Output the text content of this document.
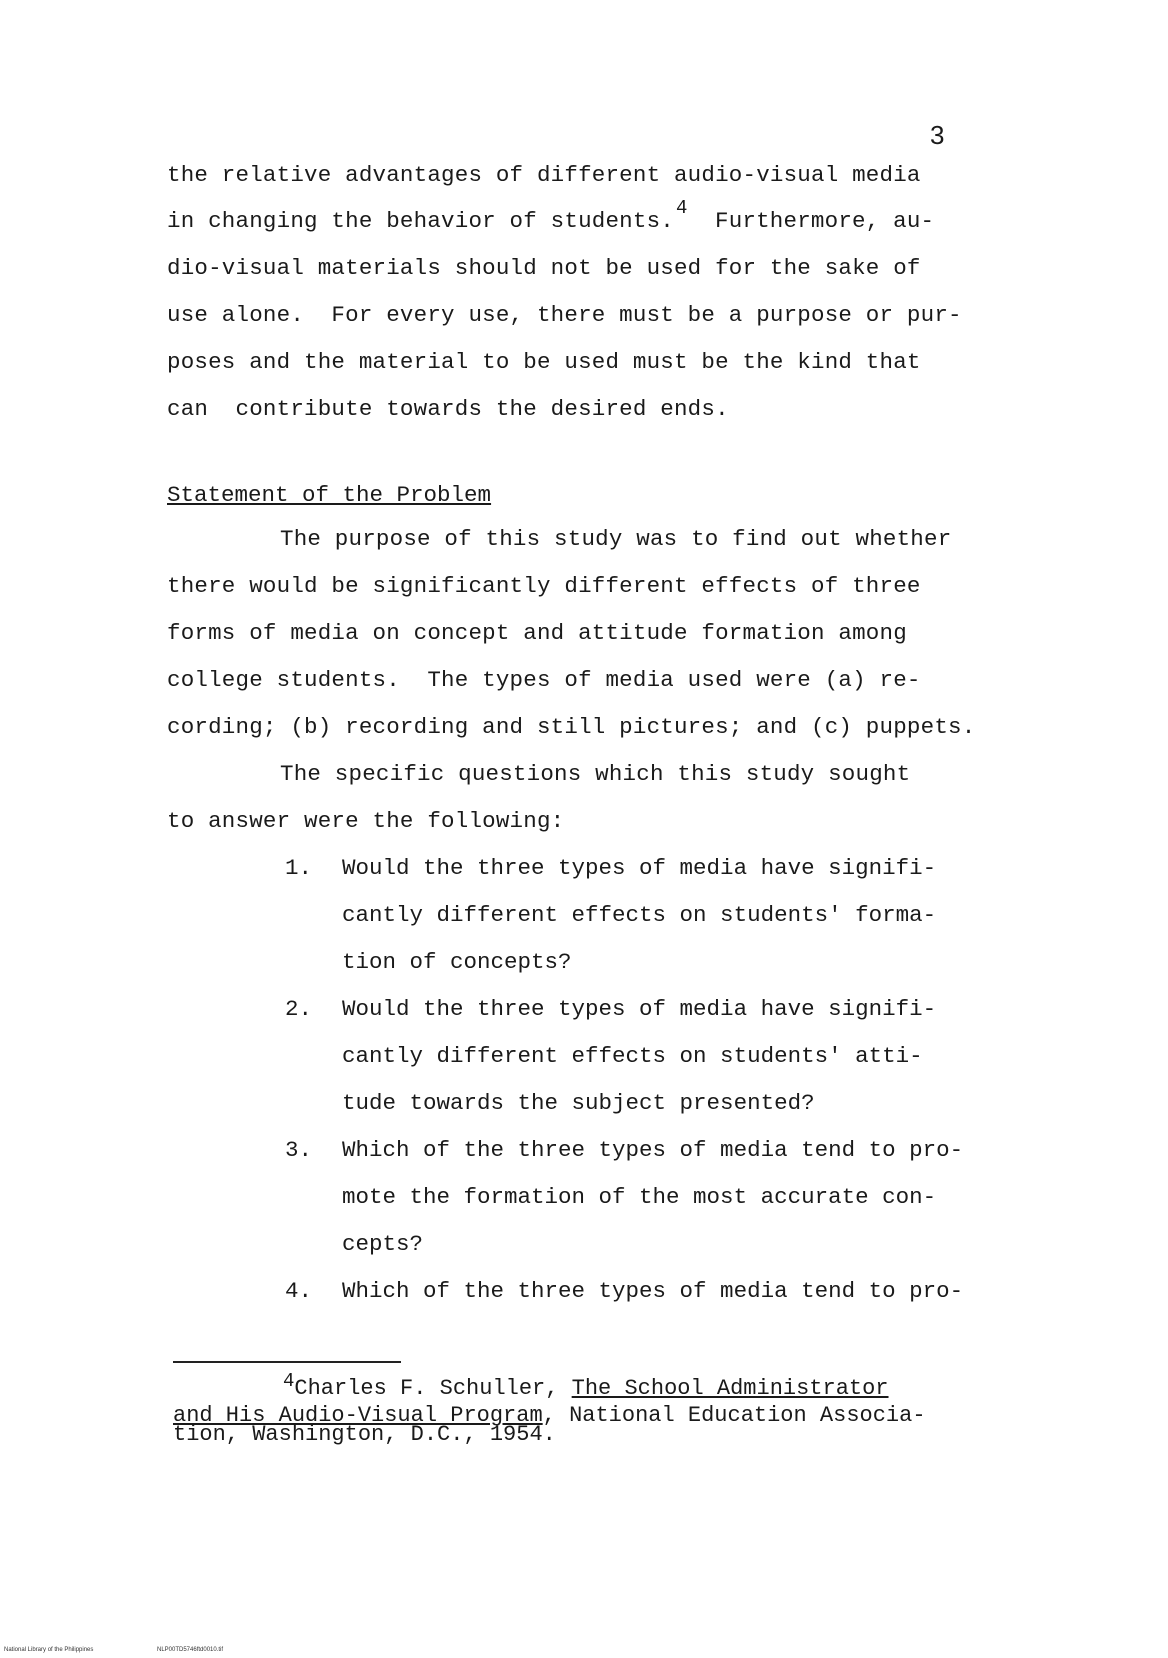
3
the relative advantages of different audio-visual media
in changing the behavior of students. $^4$ Furthermore, au-
dio-visual materials should not be used for the sake of
use alone.  For every use, there must be a purpose or pur-
poses and the material to be used must be the kind that
can  contribute towards the desired ends.
Statement of the Problem
The purpose of this study was to find out whether
there would be significantly different effects of three
forms of media on concept and attitude formation among
college students.  The types of media used were (a) re-
cording; (b) recording and still pictures; and (c) puppets.
The specific questions which this study sought
to answer were the following:
1. Would the three types of media have signifi-
cantly different effects on students' forma-
tion of concepts?
2. Would the three types of media have signifi-
cantly different effects on students' atti-
tude towards the subject presented?
3. Which of the three types of media tend to pro-
mote the formation of the most accurate con-
cepts?
4. Which of the three types of media tend to pro-
4Charles F. Schuller, The School Administrator
and His Audio-Visual Program, National Education Associa-
tion, Washington, D.C., 1954.
National Library of the Philippines	NLP00TD5746ftd0010.tif
